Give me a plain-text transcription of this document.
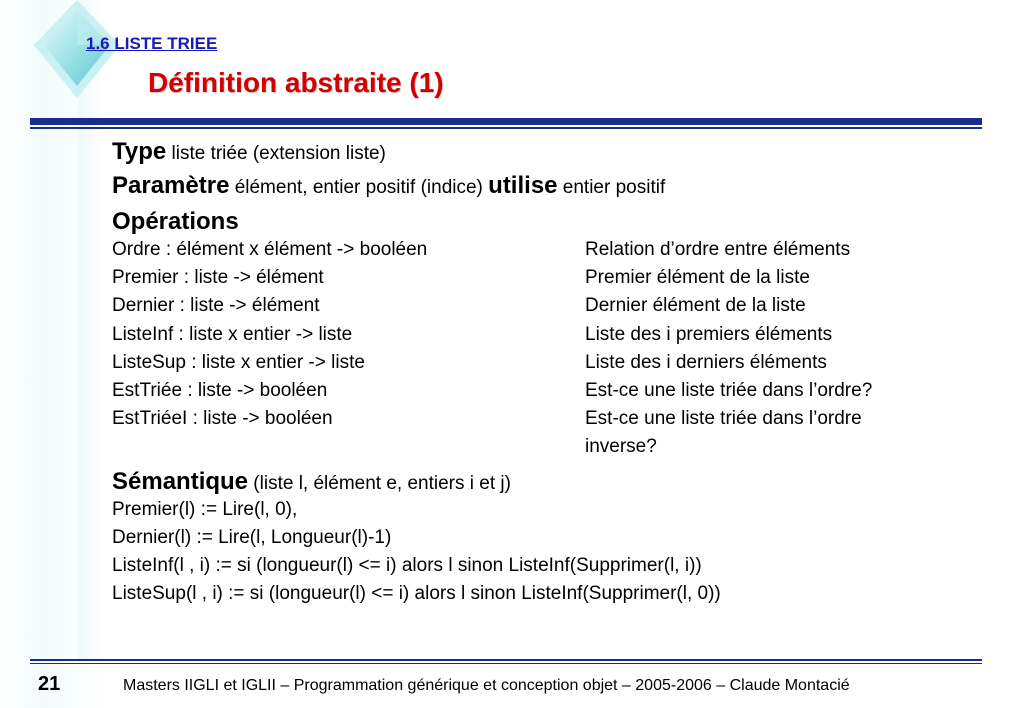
1.6 LISTE TRIEE
Définition abstraite (1)
Type liste triée (extension liste)
Paramètre élément, entier positif (indice) utilise entier positif
Opérations
Ordre : élément x élément -> booléen	Relation d’ordre entre éléments
Premier : liste -> élément	Premier élément de la liste
Dernier : liste -> élément	Dernier élément de la liste
ListeInf : liste x entier -> liste	Liste des i premiers éléments
ListeSup : liste x entier -> liste	Liste des i derniers éléments
EstTriée : liste -> booléen	Est-ce une liste triée dans l’ordre?
EstTriéeI : liste -> booléen	Est-ce une liste triée dans l’ordre
inverse?
Sémantique (liste l, élément e, entiers i et j)
Premier(l) := Lire(l, 0),
Dernier(l) := Lire(l, Longueur(l)-1)
ListeInf(l , i) := si (longueur(l) <= i) alors l sinon ListeInf(Supprimer(l, i))
ListeSup(l , i) := si (longueur(l) <= i) alors l sinon ListeInf(Supprimer(l, 0))
21	Masters IIGLI et IGLII – Programmation générique et conception objet – 2005-2006 – Claude Montacié
